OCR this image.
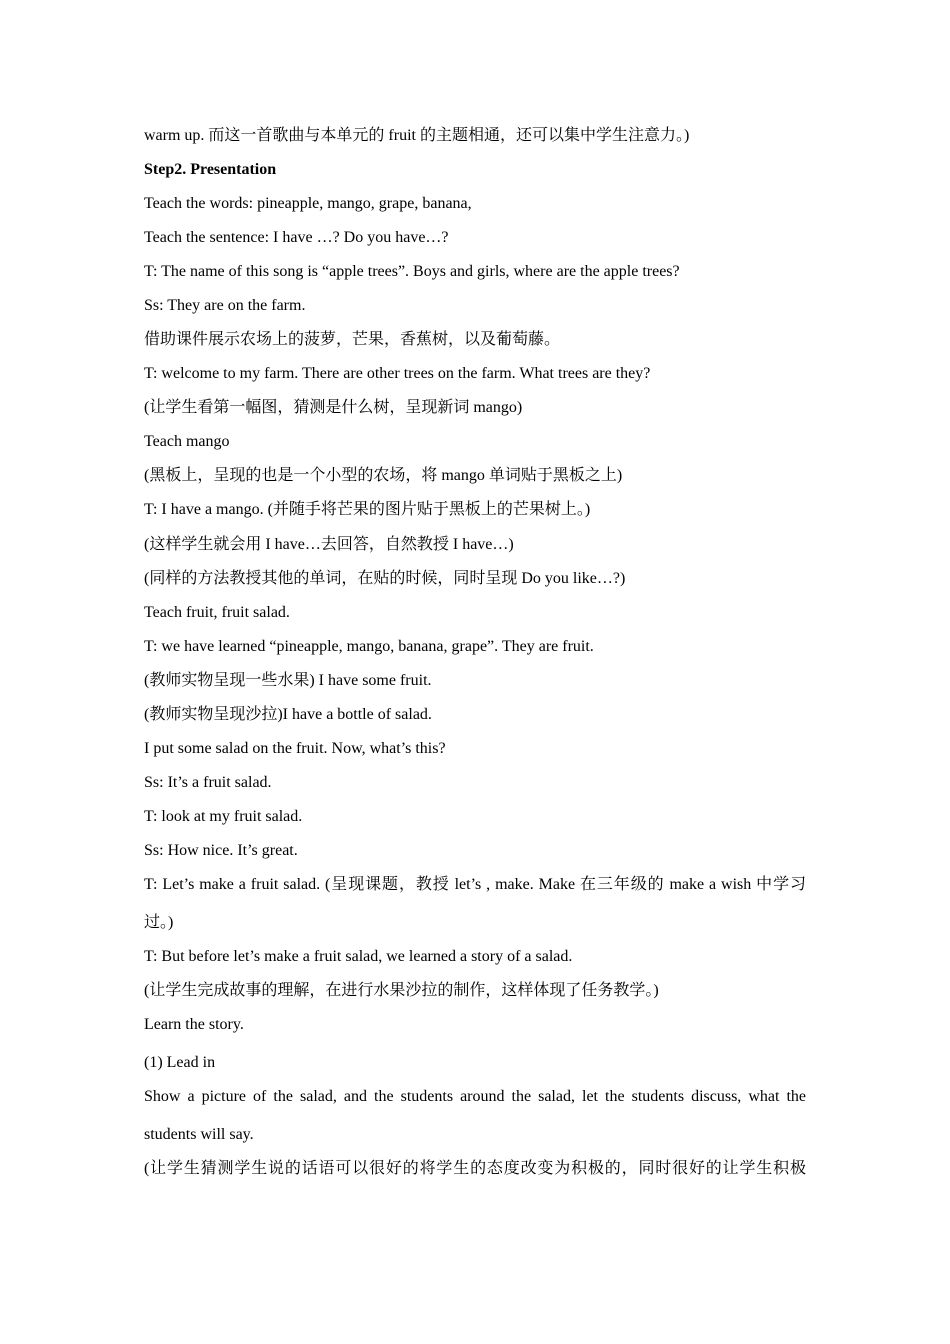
warm up. 而这一首歌曲与本单元的 fruit 的主题相通，还可以集中学生注意力。)
Step2. Presentation
Teach the words: pineapple, mango, grape, banana,
Teach the sentence: I have …? Do you have…?
T: The name of this song is “apple trees”. Boys and girls, where are the apple trees?
Ss: They are on the farm.
借助课件展示农场上的菠萝，芒果，香蕉树，以及葡萄藤。
T: welcome to my farm. There are other trees on the farm. What trees are they?
(让学生看第一幅图，猜测是什么树，呈现新词 mango)
Teach mango
(黑板上，呈现的也是一个小型的农场，将 mango 单词贴于黑板之上)
T: I have a mango. (并随手将芒果的图片贴于黑板上的芒果树上。)
(这样学生就会用 I have…去回答，自然教授 I have…)
(同样的方法教授其他的单词，在贴的时候，同时呈现 Do you like…?)
Teach fruit, fruit salad.
T: we have learned “pineapple, mango, banana, grape”. They are fruit.
(教师实物呈现一些水果) I have some fruit.
(教师实物呈现沙拉)I have a bottle of salad.
I put some salad on the fruit. Now, what’s this?
Ss: It’s a fruit salad.
T: look at my fruit salad.
Ss: How nice. It’s great.
T: Let’s make a fruit salad. (呈现课题，教授 let’s , make. Make 在三年级的 make a wish 中学习
过。)
T: But before let’s make a fruit salad, we learned a story of a salad.
(让学生完成故事的理解，在进行水果沙拉的制作，这样体现了任务教学。)
Learn the story.
(1) Lead in
Show a picture of the salad, and the students around the salad, let the students discuss, what the
students will say.
(让学生猜测学生说的话语可以很好的将学生的态度改变为积极的，同时很好的让学生积极
